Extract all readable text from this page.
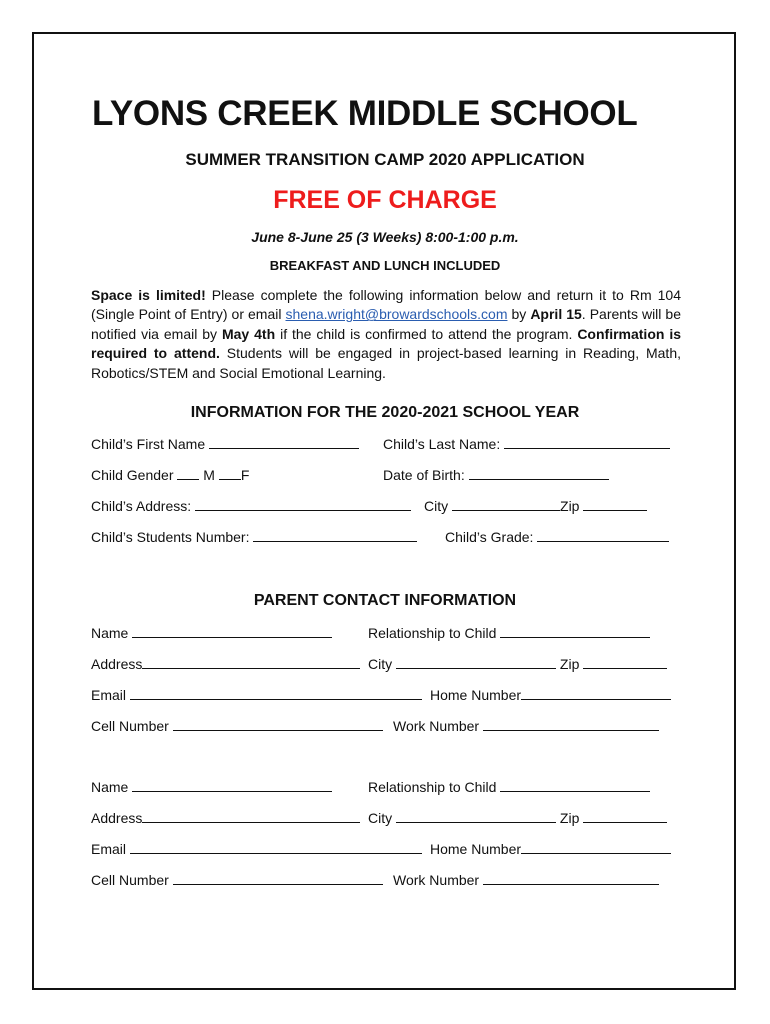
LYONS CREEK MIDDLE SCHOOL
SUMMER TRANSITION CAMP 2020 APPLICATION
FREE OF CHARGE
June 8-June 25 (3 Weeks) 8:00-1:00 p.m.
BREAKFAST AND LUNCH INCLUDED
Space is limited! Please complete the following information below and return it to Rm 104 (Single Point of Entry) or email shena.wright@browardschools.com by April 15. Parents will be notified via email by May 4th if the child is confirmed to attend the program. Confirmation is required to attend. Students will be engaged in project-based learning in Reading, Math, Robotics/STEM and Social Emotional Learning.
INFORMATION FOR THE 2020-2021 SCHOOL YEAR
Child’s First Name	Child’s Last Name:
Child Gender M F	Date of Birth:
Child’s Address:	City	Zip
Child’s Students Number:	Child’s Grade:
PARENT CONTACT INFORMATION
Name	Relationship to Child
Address	City	Zip
Email	Home Number
Cell Number	Work Number
Name	Relationship to Child
Address	City	Zip
Email	Home Number
Cell Number	Work Number
